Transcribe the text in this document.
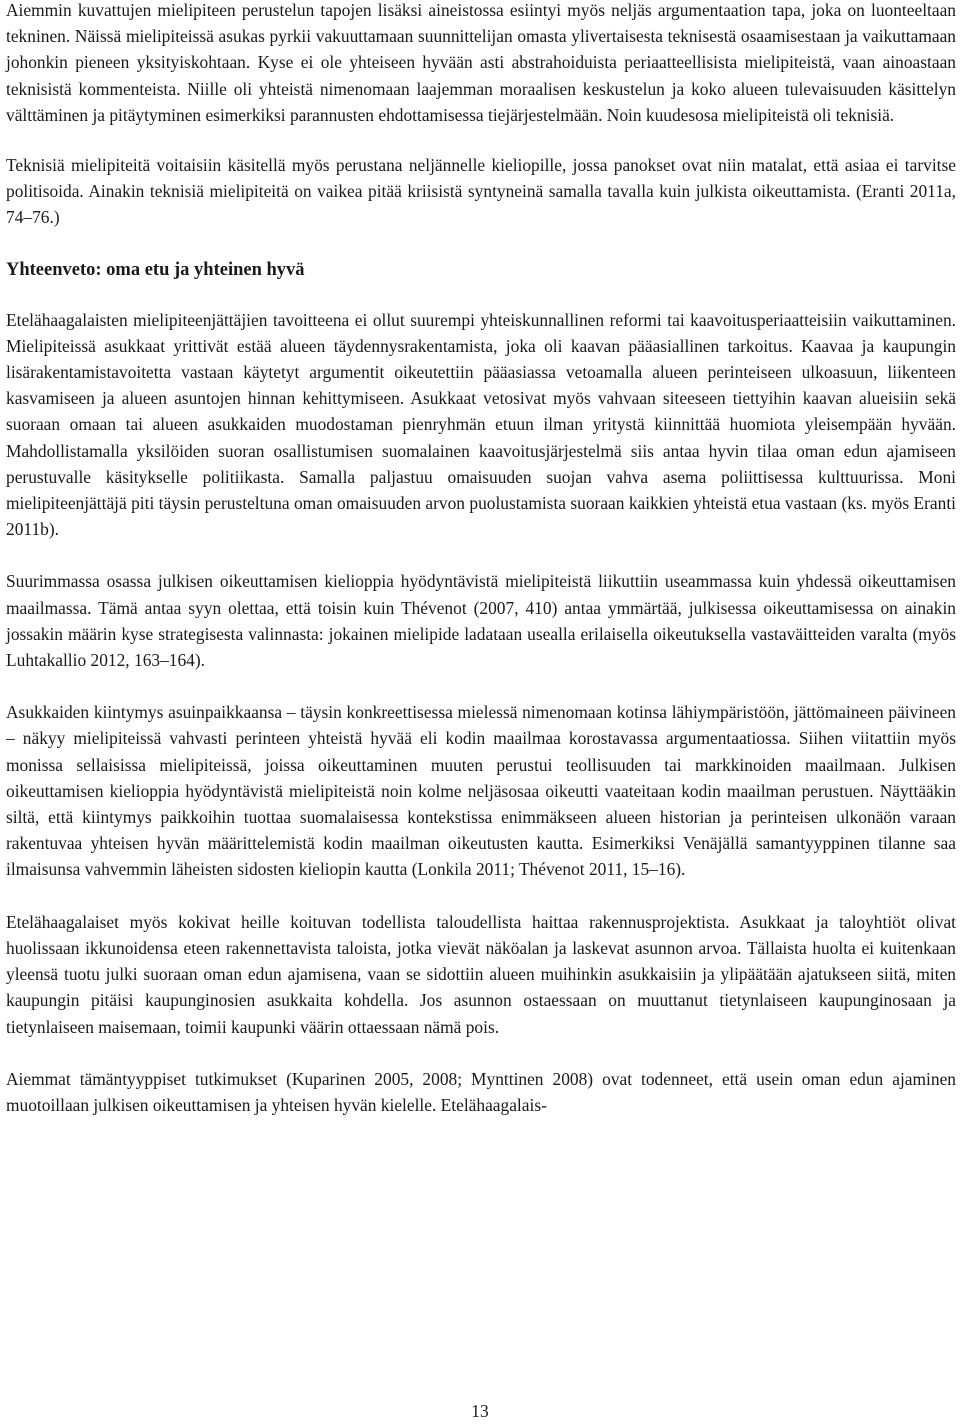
Aiemmin kuvattujen mielipiteen perustelun tapojen lisäksi aineistossa esiintyi myös neljäs argumentaation tapa, joka on luonteeltaan tekninen. Näissä mielipiteissä asukas pyrkii vakuuttamaan suunnittelijan omasta ylivertaisesta teknisestä osaamisestaan ja vaikuttamaan johonkin pieneen yksityiskohtaan. Kyse ei ole yhteiseen hyvään asti abstrahoiduista periaatteellisista mielipiteistä, vaan ainoastaan teknisistä kommenteista. Niille oli yhteistä nimenomaan laajemman moraalisen keskustelun ja koko alueen tulevaisuuden käsittelyn välttäminen ja pitäytyminen esimerkiksi parannusten ehdottamisessa tiejärjestelmään. Noin kuudesosa mielipiteistä oli teknisiä.

Teknisiä mielipiteitä voitaisiin käsitellä myös perustana neljännelle kieliopille, jossa panokset ovat niin matalat, että asiaa ei tarvitse politisoida. Ainakin teknisiä mielipiteitä on vaikea pitää kriisistä syntyneinä samalla tavalla kuin julkista oikeuttamista. (Eranti 2011a, 74–76.)

Yhteenveto: oma etu ja yhteinen hyvä

Etelähaagalaisten mielipiteenjättäjien tavoitteena ei ollut suurempi yhteiskunnallinen reformi tai kaavoitusperiaatteisiin vaikuttaminen. Mielipiteissä asukkaat yrittivät estää alueen täydennysrakentamista, joka oli kaavan pääasiallinen tarkoitus. Kaavaa ja kaupungin lisärakentamistavoitetta vastaan käytetyt argumentit oikeutettiin pääasiassa vetoamalla alueen perinteiseen ulkoasuun, liikenteen kasvamiseen ja alueen asuntojen hinnan kehittymiseen. Asukkaat vetosivat myös vahvaan siteeseen tiettyihin kaavan alueisiin sekä suoraan omaan tai alueen asukkaiden muodostaman pienryhmän etuun ilman yritystä kiinnittää huomiota yleisempään hyvään. Mahdollistamalla yksilöiden suoran osallistumisen suomalainen kaavoitusjärjestelmä siis antaa hyvin tilaa oman edun ajamiseen perustuvalle käsitykselle politiikasta. Samalla paljastuu omaisuuden suojan vahva asema poliittisessa kulttuurissa. Moni mielipiteenjättäjä piti täysin perusteltuna oman omaisuuden arvon puolustamista suoraan kaikkien yhteistä etua vastaan (ks. myös Eranti 2011b).

Suurimmassa osassa julkisen oikeuttamisen kielioppia hyödyntävistä mielipiteistä liikuttiin useammassa kuin yhdessä oikeuttamisen maailmassa. Tämä antaa syyn olettaa, että toisin kuin Thévenot (2007, 410) antaa ymmärtää, julkisessa oikeuttamisessa on ainakin jossakin määrin kyse strategisesta valinnasta: jokainen mielipide ladataan usealla erilaisella oikeutuksella vastaväitteiden varalta (myös Luhtakallio 2012, 163–164).

Asukkaiden kiintymys asuinpaikkaansa – täysin konkreettisessa mielessä nimenomaan kotinsa lähiympäristöön, jättömaineen päivineen – näkyy mielipiteissä vahvasti perinteen yhteistä hyvää eli kodin maailmaa korostavassa argumentaatiossa. Siihen viitattiin myös monissa sellaisissa mielipiteissä, joissa oikeuttaminen muuten perustui teollisuuden tai markkinoiden maailmaan. Julkisen oikeuttamisen kielioppia hyödyntävistä mielipiteistä noin kolme neljäsosaa oikeutti vaateitaan kodin maailman perustuen. Näyttääkin siltä, että kiintymys paikkoihin tuottaa suomalaisessa kontekstissa enimmäkseen alueen historian ja perinteisen ulkonäön varaan rakentuvaa yhteisen hyvän määrittelemistä kodin maailman oikeutusten kautta. Esimerkiksi Venäjällä samantyyppinen tilanne saa ilmaisunsa vahvemmin läheisten sidosten kieliopin kautta (Lonkila 2011; Thévenot 2011, 15–16).

Etelähaagalaiset myös kokivat heille koituvan todellista taloudellista haittaa rakennusprojektista. Asukkaat ja taloyhtiöt olivat huolissaan ikkunoidensa eteen rakennettavista taloista, jotka vievät näköalan ja laskevat asunnon arvoa. Tällaista huolta ei kuitenkaan yleensä tuotu julki suoraan oman edun ajamisena, vaan se sidottiin alueen muihinkin asukkaisiin ja ylipäätään ajatukseen siitä, miten kaupungin pitäisi kaupunginosien asukkaita kohdella. Jos asunnon ostaessaan on muuttanut tietynlaiseen kaupunginosaan ja tietynlaiseen maisemaan, toimii kaupunki väärin ottaessaan nämä pois.

Aiemmat tämäntyyppiset tutkimukset (Kuparinen 2005, 2008; Mynttinen 2008) ovat todenneet, että usein oman edun ajaminen muotoillaan julkisen oikeuttamisen ja yhteisen hyvän kielelle. Etelähaagalais-

13
